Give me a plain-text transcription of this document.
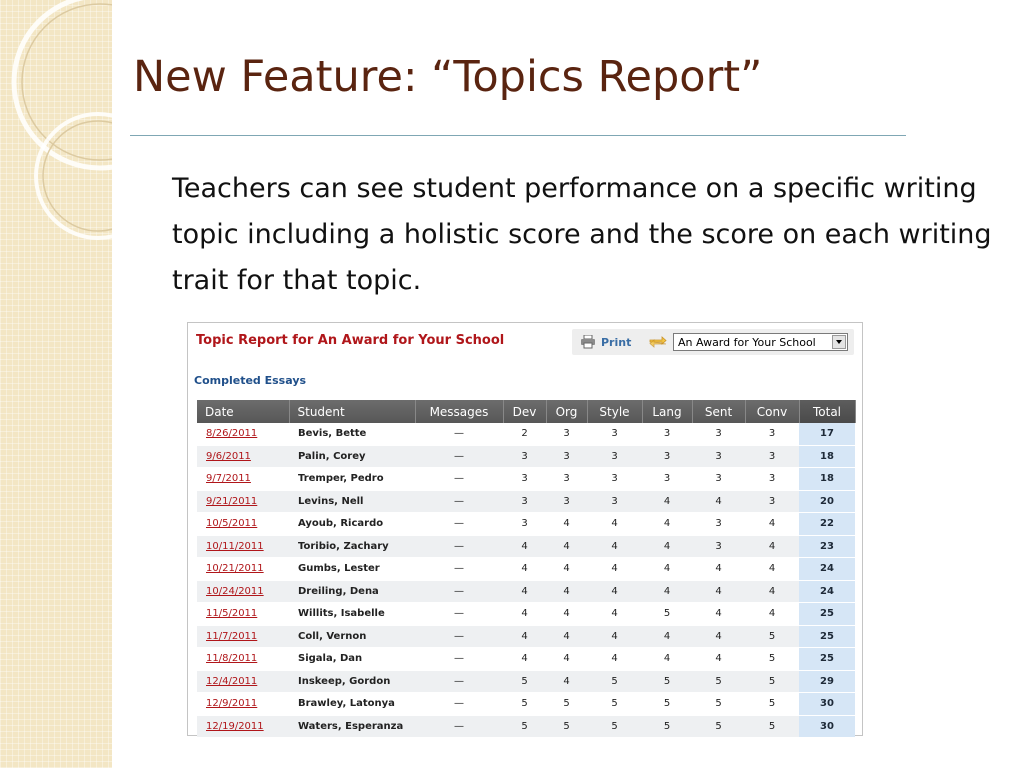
New Feature: “Topics Report”

Teachers can see student performance on a specific writing topic including a holistic score and the score on each writing trait for that topic.

Topic Report for An Award for Your School	Print	An Award for Your School
Completed Essays
Date	Student	Messages	Dev	Org	Style	Lang	Sent	Conv	Total
8/26/2011	Bevis, Bette	—	2	3	3	3	3	3	17
9/6/2011	Palin, Corey	—	3	3	3	3	3	3	18
9/7/2011	Tremper, Pedro	—	3	3	3	3	3	3	18
9/21/2011	Levins, Nell	—	3	3	3	4	4	3	20
10/5/2011	Ayoub, Ricardo	—	3	4	4	4	3	4	22
10/11/2011	Toribio, Zachary	—	4	4	4	4	3	4	23
10/21/2011	Gumbs, Lester	—	4	4	4	4	4	4	24
10/24/2011	Dreiling, Dena	—	4	4	4	4	4	4	24
11/5/2011	Willits, Isabelle	—	4	4	4	5	4	4	25
11/7/2011	Coll, Vernon	—	4	4	4	4	4	5	25
11/8/2011	Sigala, Dan	—	4	4	4	4	4	5	25
12/4/2011	Inskeep, Gordon	—	5	4	5	5	5	5	29
12/9/2011	Brawley, Latonya	—	5	5	5	5	5	5	30
12/19/2011	Waters, Esperanza	—	5	5	5	5	5	5	30
